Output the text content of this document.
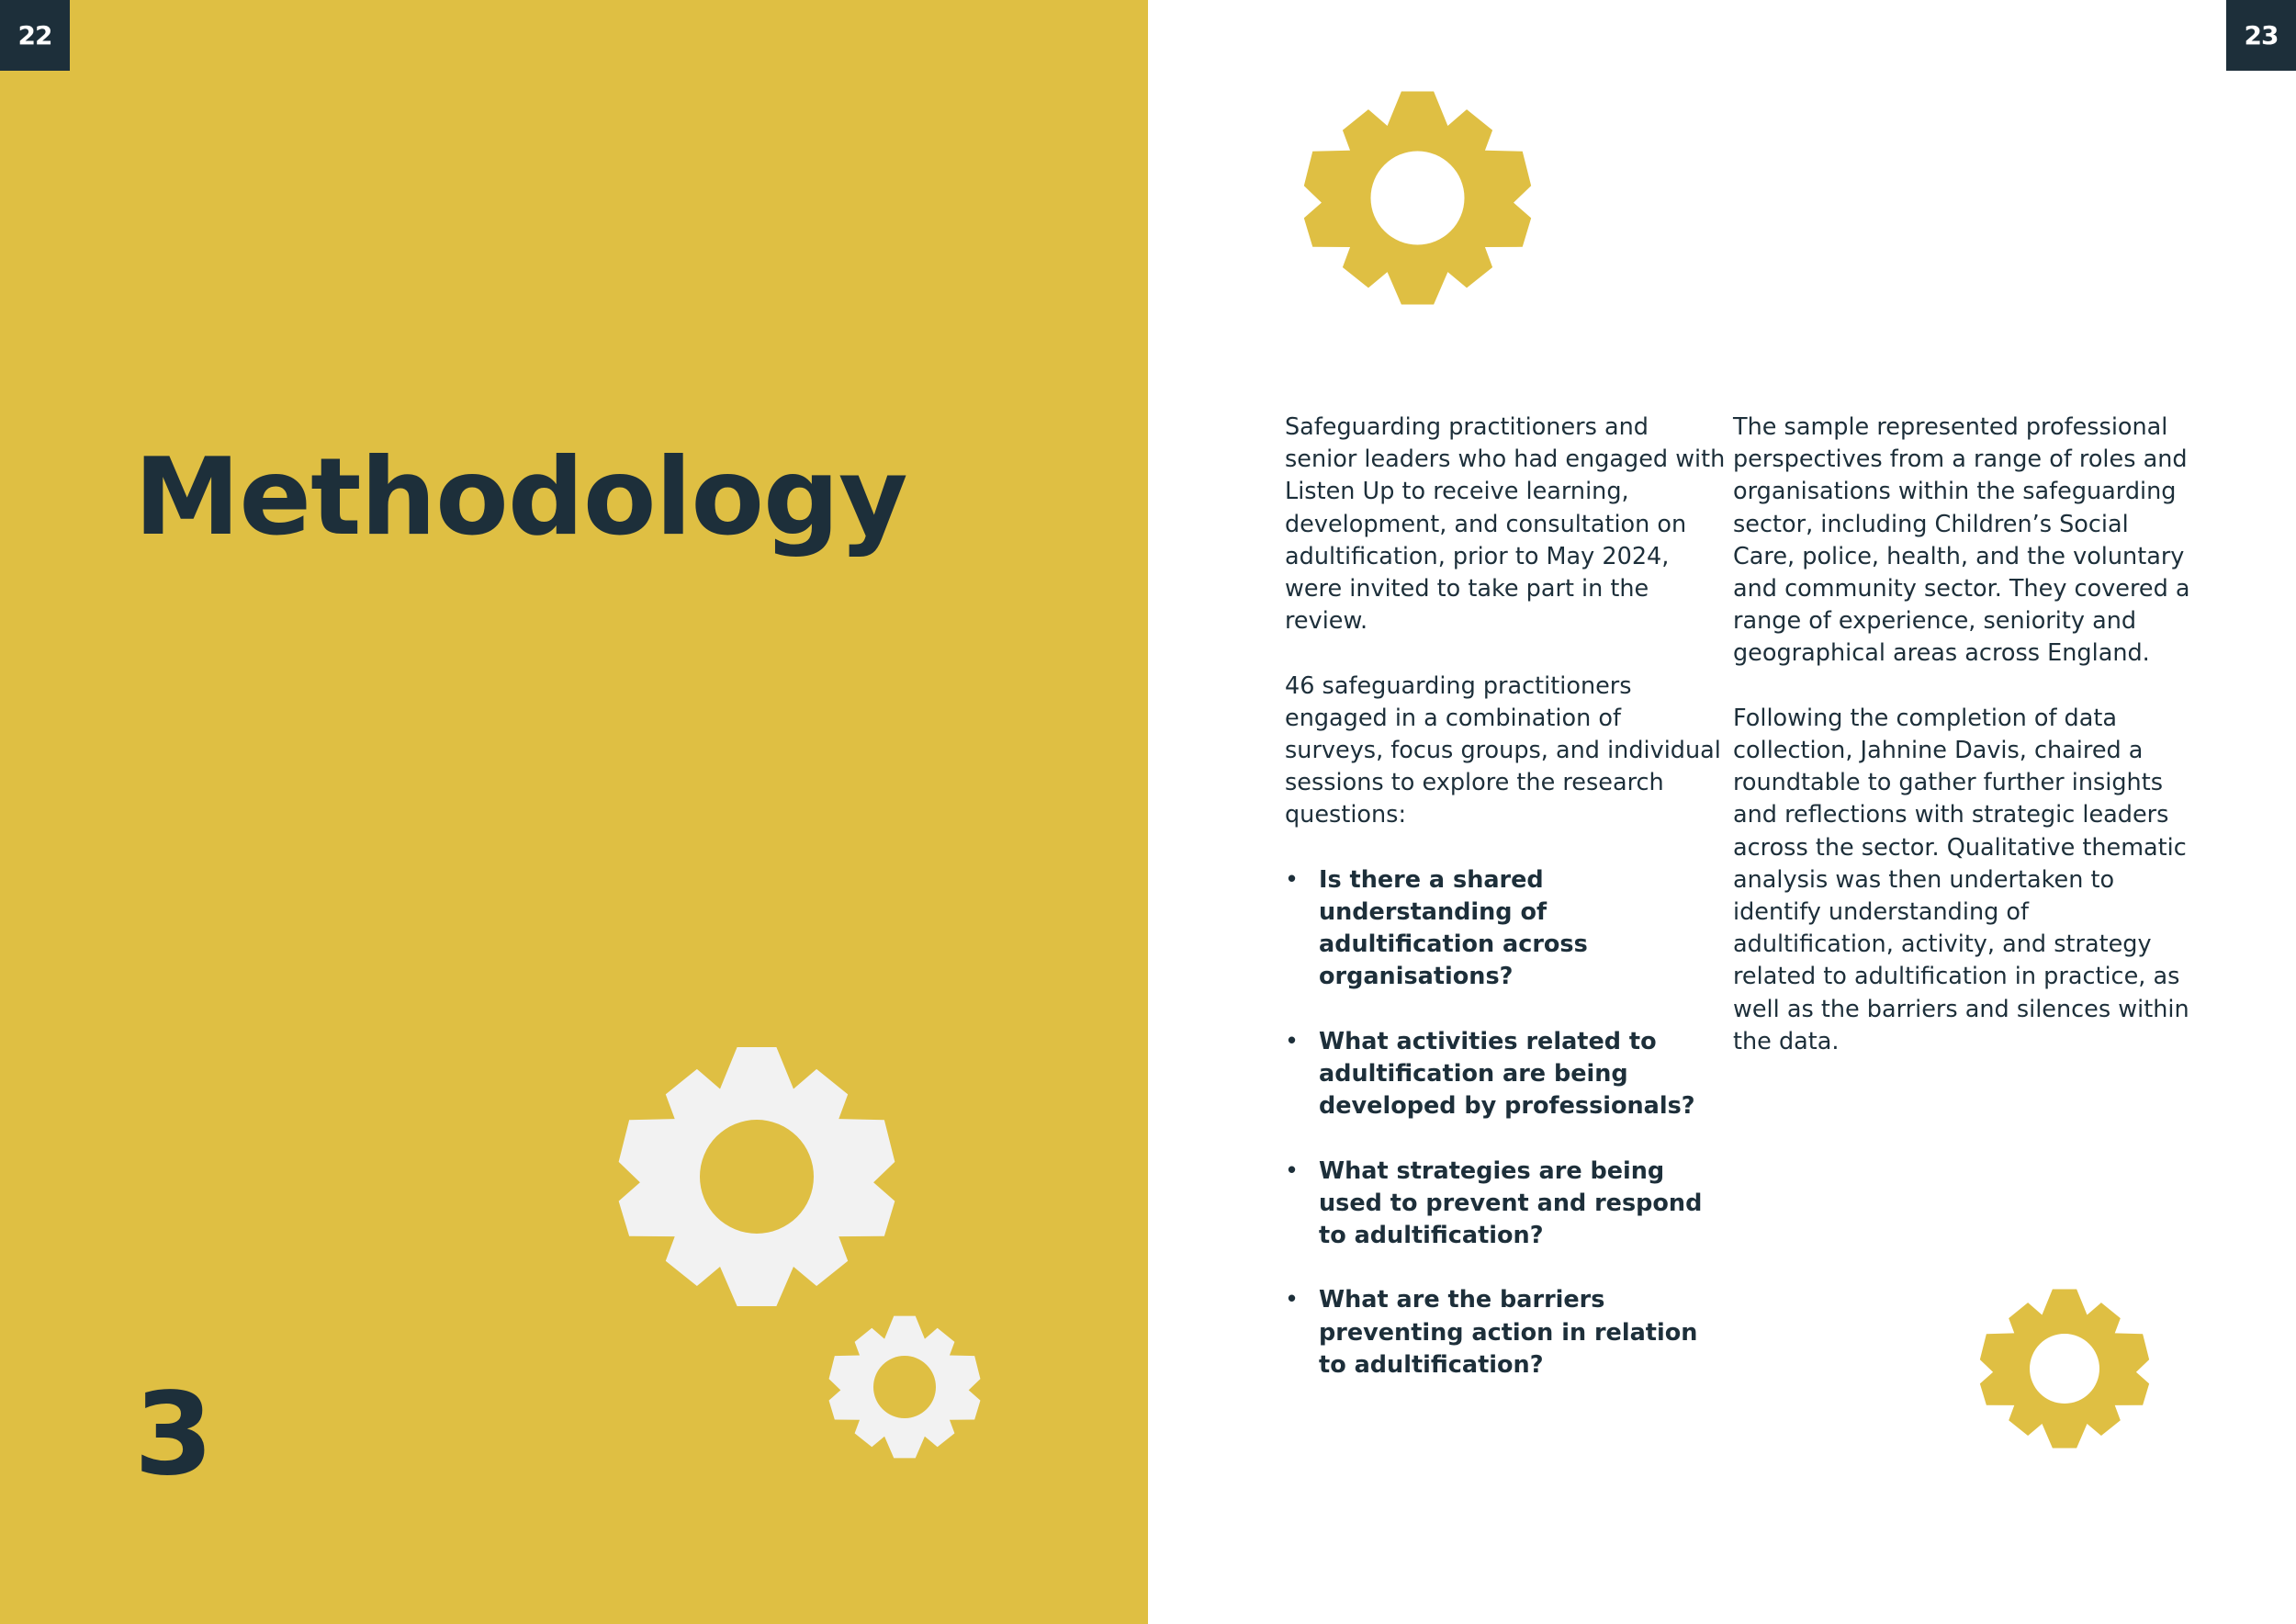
22
Methodology
3
23

Safeguarding practitioners and senior leaders who had engaged with Listen Up to receive learning, development, and consultation on adultification, prior to May 2024, were invited to take part in the review.

46 safeguarding practitioners engaged in a combination of surveys, focus groups, and individual sessions to explore the research questions:

• Is there a shared understanding of adultification across organisations?
• What activities related to adultification are being developed by professionals?
• What strategies are being used to prevent and respond to adultification?
• What are the barriers preventing action in relation to adultification?

The sample represented professional perspectives from a range of roles and organisations within the safeguarding sector, including Children’s Social Care, police, health, and the voluntary and community sector. They covered a range of experience, seniority and geographical areas across England.

Following the completion of data collection, Jahnine Davis, chaired a roundtable to gather further insights and reflections with strategic leaders across the sector. Qualitative thematic analysis was then undertaken to identify understanding of adultification, activity, and strategy related to adultification in practice, as well as the barriers and silences within the data.
